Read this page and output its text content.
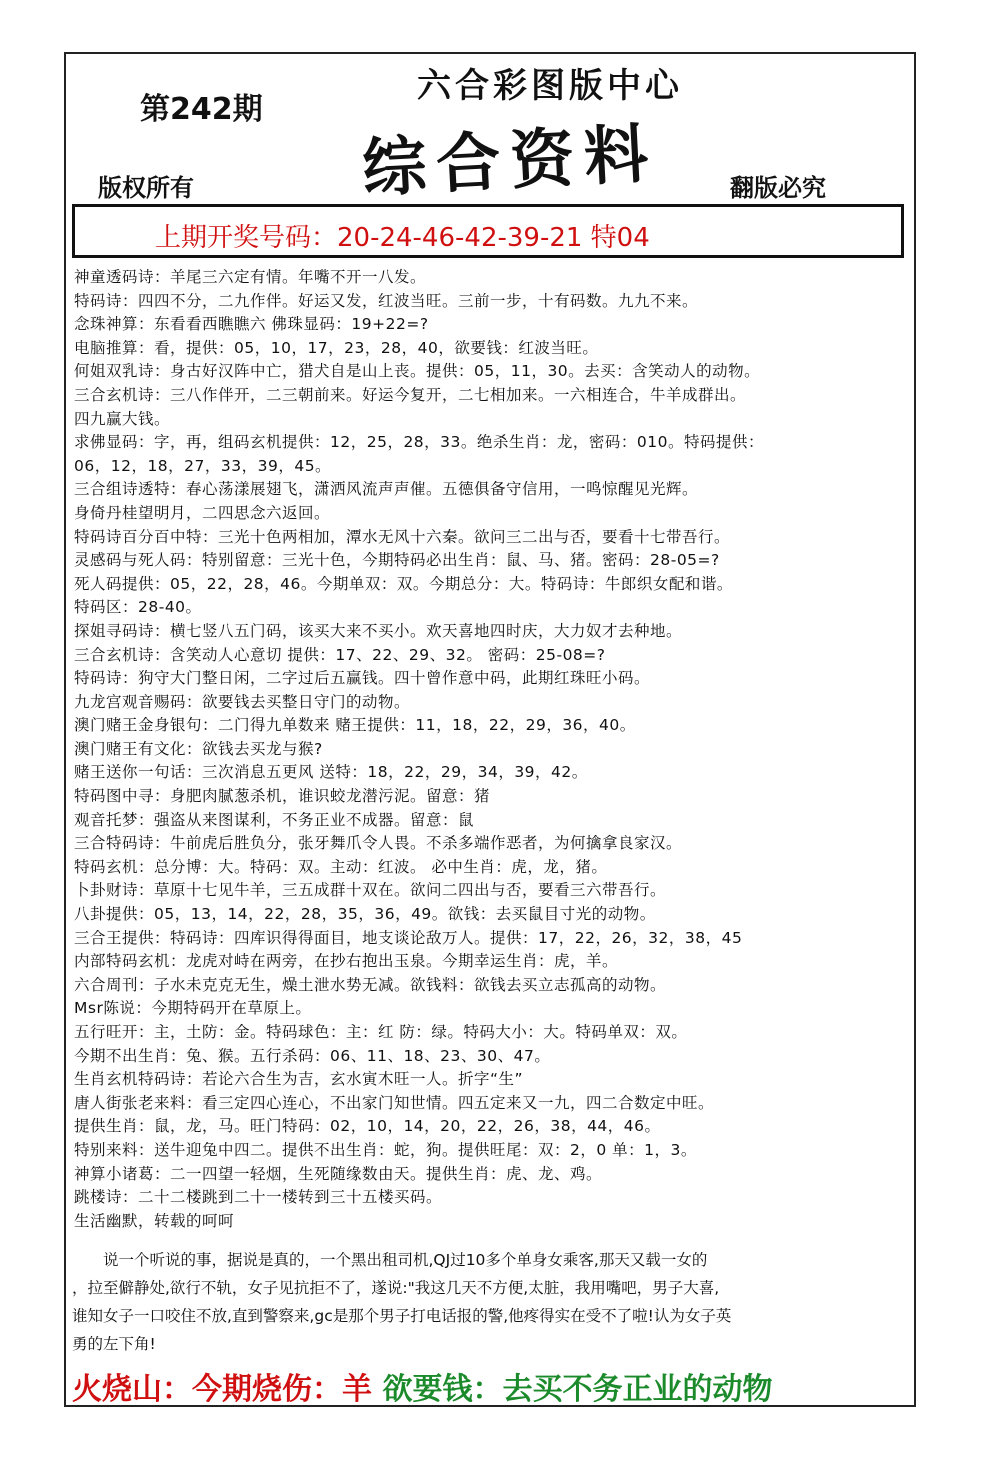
第242期
六合彩图版中心
综合资料
版权所有	翻版必究
上期开奖号码：20-24-46-42-39-21 特04
神童透码诗：羊尾三六定有情。年嘴不开一八发。
特码诗：四四不分，二九作伴。好运又发，红波当旺。三前一步，十有码数。九九不来。
念珠神算：东看看西瞧瞧六 佛珠显码：19+22=?
电脑推算：看，提供：05，10，17，23，28，40，欲要钱：红波当旺。
何姐双乳诗：身古好汉阵中亡，猎犬自是山上丧。提供：05，11，30。去买：含笑动人的动物。
三合玄机诗：三八作伴开，二三朝前来。好运今复开，二七相加来。一六相连合，牛羊成群出。
四九赢大钱。
求佛显码：字，再，组码玄机提供：12，25，28，33。绝杀生肖：龙，密码：010。特码提供：
06，12，18，27，33，39，45。
三合组诗透特：春心荡漾展翅飞，潇洒风流声声催。五德俱备守信用，一鸣惊醒见光辉。
身倚丹桂望明月，二四思念六返回。
特码诗百分百中特：三光十色两相加，潭水无风十六秦。欲问三二出与否，要看十七带吾行。
灵感码与死人码：特别留意：三光十色，今期特码必出生肖：鼠、马、猪。密码：28-05=?
死人码提供：05，22，28，46。今期单双：双。今期总分：大。特码诗：牛郎织女配和谐。
特码区：28-40。
探姐寻码诗：横七竖八五门码，该买大来不买小。欢天喜地四时庆，大力奴才去种地。
三合玄机诗：含笑动人心意切 提供：17、22、29、32。 密码：25-08=?
特码诗：狗守大门整日闲，二字过后五赢钱。四十曾作意中码，此期红珠旺小码。
九龙宫观音赐码：欲要钱去买整日守门的动物。
澳门赌王金身银句：二门得九单数来 赌王提供：11，18，22，29，36，40。
澳门赌王有文化：欲钱去买龙与猴?
赌王送你一句话：三次消息五更风 送特：18，22，29，34，39，42。
特码图中寻：身肥肉腻葱杀机，谁识蛟龙潜污泥。留意：猪
观音托梦：强盗从来图谋利，不务正业不成器。留意：鼠
三合特码诗：牛前虎后胜负分，张牙舞爪令人畏。不杀多端作恶者，为何擒拿良家汉。
特码玄机：总分博：大。特码：双。主动：红波。 必中生肖：虎，龙，猪。
卜卦财诗：草原十七见牛羊，三五成群十双在。欲问二四出与否，要看三六带吾行。
八卦提供：05，13，14，22，28，35，36，49。欲钱：去买鼠目寸光的动物。
三合王提供：特码诗：四库识得得面目，地支谈论敌万人。提供：17，22，26，32，38，45
内部特码玄机：龙虎对峙在两旁，在抄右抱出玉泉。今期幸运生肖：虎，羊。
六合周刊：子水未克克无生，燥土泄水势无减。欲钱料：欲钱去买立志孤高的动物。
Msr陈说：今期特码开在草原上。
五行旺开：主，土防：金。特码球色：主：红 防：绿。特码大小：大。特码单双：双。
今期不出生肖：兔、猴。五行杀码：06、11、18、23、30、47。
生肖玄机特码诗：若论六合生为吉，玄水寅木旺一人。折字“生”
唐人街张老来料：看三定四心连心，不出家门知世情。四五定来又一九，四二合数定中旺。
提供生肖：鼠，龙，马。旺门特码：02，10，14，20，22，26，38，44，46。
特别来料：送牛迎兔中四二。提供不出生肖：蛇，狗。提供旺尾：双：2，0 单：1，3。
神算小诸葛：二一四望一轻烟，生死随缘数由天。提供生肖：虎、龙、鸡。
跳楼诗：二十二楼跳到二十一楼转到三十五楼买码。
生活幽默，转载的呵呵

　　说一个听说的事，据说是真的，一个黑出租司机,QJ过10多个单身女乘客,那天又载一女的

，拉至僻静处,欲行不轨，女子见抗拒不了，遂说:"我这几天不方便,太脏，我用嘴吧，男子大喜,

谁知女子一口咬住不放,直到警察来,gc是那个男子打电话报的警,他疼得实在受不了啦!认为女子英

勇的左下角!

火烧山：今期烧伤：羊 欲要钱：去买不务正业的动物
